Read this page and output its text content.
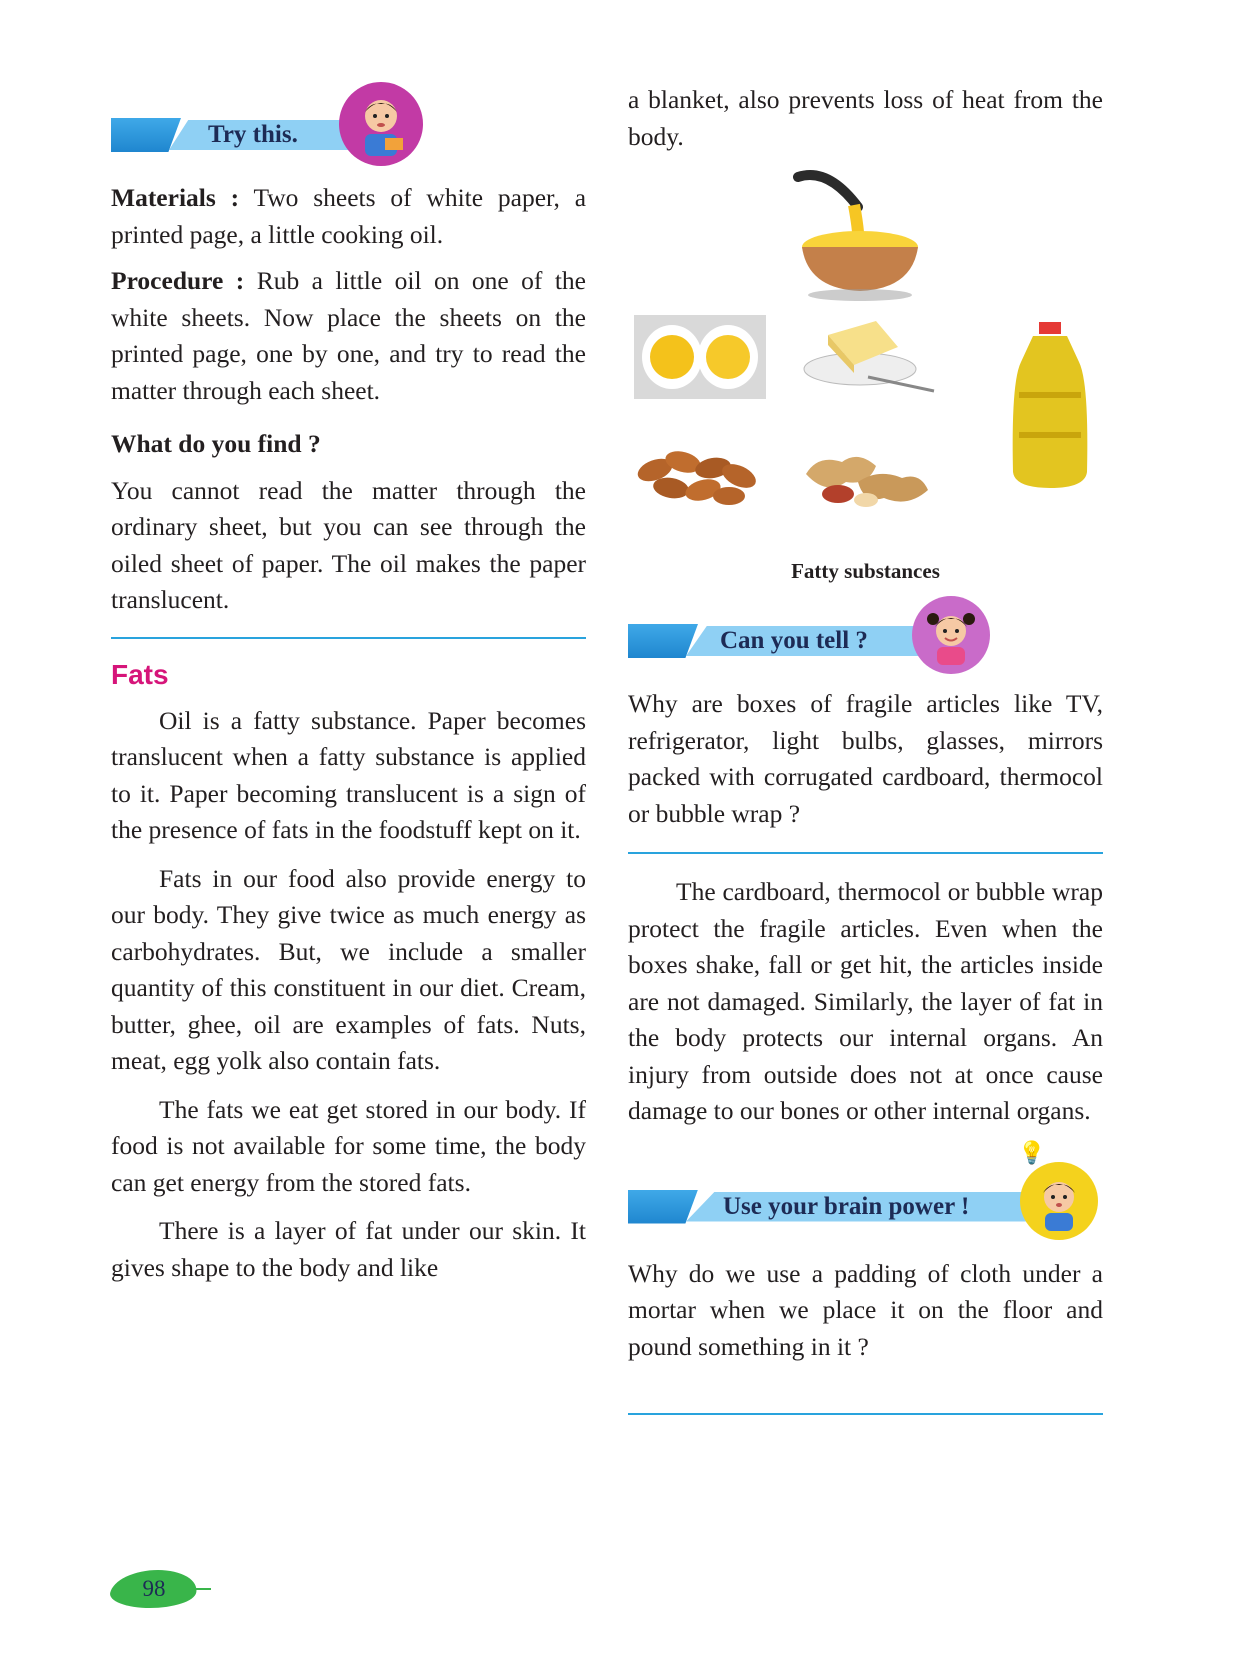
Try this.

Materials : Two sheets of white paper, a printed page, a little cooking oil.

Procedure : Rub a little oil on one of the white sheets. Now place the sheets on the printed page, one by one, and try to read the matter through each sheet.

What do you find ?

You cannot read the matter through the ordinary sheet, but you can see through the oiled sheet of paper. The oil makes the paper translucent.

Fats

Oil is a fatty substance. Paper becomes translucent when a fatty substance is applied to it. Paper becoming translucent is a sign of the presence of fats in the foodstuff kept on it.

Fats in our food also provide energy to our body. They give twice as much energy as carbohydrates. But, we include a smaller quantity of this constituent in our diet. Cream, butter, ghee, oil are examples of fats. Nuts, meat, egg yolk also contain fats.

The fats we eat get stored in our body. If food is not available for some time, the body can get energy from the stored fats.

There is a layer of fat under our skin. It gives shape to the body and like

a blanket, also prevents loss of heat from the body.

Fatty substances
Can you tell ?

Why are boxes of fragile articles like TV, refrigerator, light bulbs, glasses, mirrors packed with corrugated cardboard, thermocol or bubble wrap ?

The cardboard, thermocol or bubble wrap protect the fragile articles. Even when the boxes shake, fall or get hit, the articles inside are not damaged. Similarly, the layer of fat in the body protects our internal organs. An injury from outside does not at once cause damage to our bones or other internal organs.

Use your brain power !
💡

Why do we use a padding of cloth under a mortar when we place it on the floor and pound something in it ?

98
